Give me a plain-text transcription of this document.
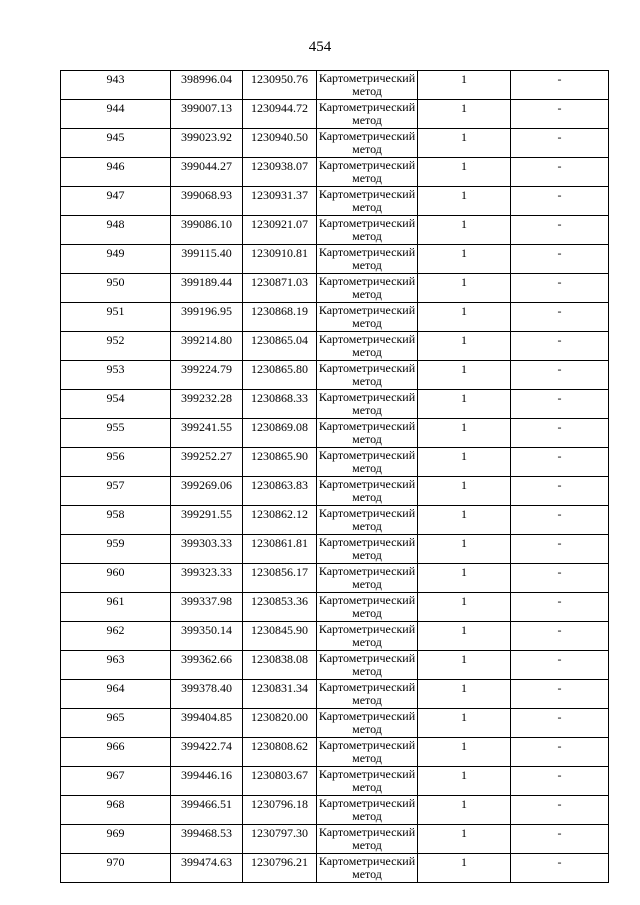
454
943	398996.04	1230950.76	Картометрический метод	1	-
944	399007.13	1230944.72	Картометрический метод	1	-
945	399023.92	1230940.50	Картометрический метод	1	-
946	399044.27	1230938.07	Картометрический метод	1	-
947	399068.93	1230931.37	Картометрический метод	1	-
948	399086.10	1230921.07	Картометрический метод	1	-
949	399115.40	1230910.81	Картометрический метод	1	-
950	399189.44	1230871.03	Картометрический метод	1	-
951	399196.95	1230868.19	Картометрический метод	1	-
952	399214.80	1230865.04	Картометрический метод	1	-
953	399224.79	1230865.80	Картометрический метод	1	-
954	399232.28	1230868.33	Картометрический метод	1	-
955	399241.55	1230869.08	Картометрический метод	1	-
956	399252.27	1230865.90	Картометрический метод	1	-
957	399269.06	1230863.83	Картометрический метод	1	-
958	399291.55	1230862.12	Картометрический метод	1	-
959	399303.33	1230861.81	Картометрический метод	1	-
960	399323.33	1230856.17	Картометрический метод	1	-
961	399337.98	1230853.36	Картометрический метод	1	-
962	399350.14	1230845.90	Картометрический метод	1	-
963	399362.66	1230838.08	Картометрический метод	1	-
964	399378.40	1230831.34	Картометрический метод	1	-
965	399404.85	1230820.00	Картометрический метод	1	-
966	399422.74	1230808.62	Картометрический метод	1	-
967	399446.16	1230803.67	Картометрический метод	1	-
968	399466.51	1230796.18	Картометрический метод	1	-
969	399468.53	1230797.30	Картометрический метод	1	-
970	399474.63	1230796.21	Картометрический метод	1	-
